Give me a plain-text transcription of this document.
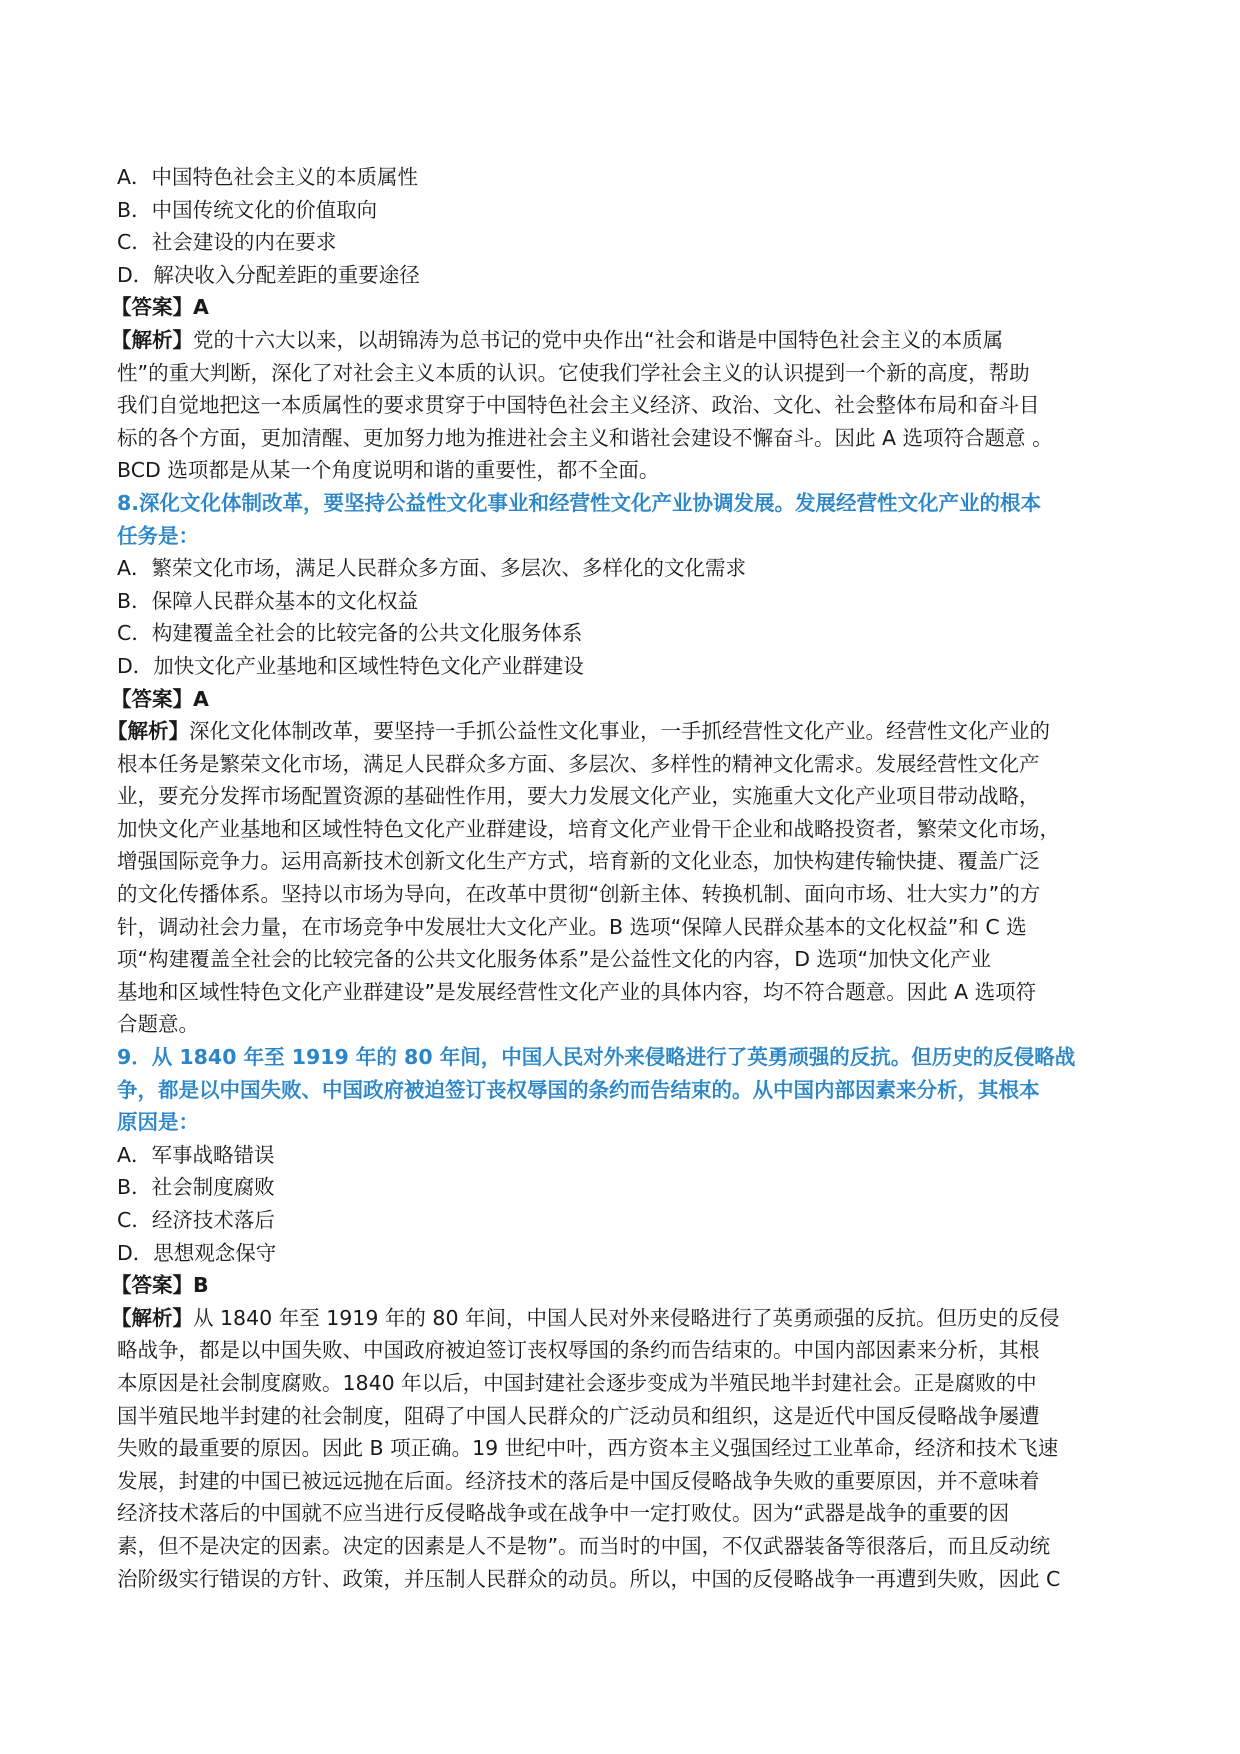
A．中国特色社会主义的本质属性
B．中国传统文化的价值取向
C．社会建设的内在要求
D．解决收入分配差距的重要途径
【答案】A
【解析】党的十六大以来，以胡锦涛为总书记的党中央作出“社会和谐是中国特色社会主义的本质属
性”的重大判断，深化了对社会主义本质的认识。它使我们学社会主义的认识提到一个新的高度，帮助
我们自觉地把这一本质属性的要求贯穿于中国特色社会主义经济、政治、文化、社会整体布局和奋斗目
标的各个方面，更加清醒、更加努力地为推进社会主义和谐社会建设不懈奋斗。因此 A 选项符合题意 。
BCD 选项都是从某一个角度说明和谐的重要性，都不全面。
8.深化文化体制改革，要坚持公益性文化事业和经营性文化产业协调发展。发展经营性文化产业的根本
任务是：
A．繁荣文化市场，满足人民群众多方面、多层次、多样化的文化需求
B．保障人民群众基本的文化权益
C．构建覆盖全社会的比较完备的公共文化服务体系
D．加快文化产业基地和区域性特色文化产业群建设
【答案】A
【解析】深化文化体制改革，要坚持一手抓公益性文化事业，一手抓经营性文化产业。经营性文化产业的
根本任务是繁荣文化市场，满足人民群众多方面、多层次、多样性的精神文化需求。发展经营性文化产
业，要充分发挥市场配置资源的基础性作用，要大力发展文化产业，实施重大文化产业项目带动战略，
加快文化产业基地和区域性特色文化产业群建设，培育文化产业骨干企业和战略投资者，繁荣文化市场，
增强国际竞争力。运用高新技术创新文化生产方式，培育新的文化业态，加快构建传输快捷、覆盖广泛
的文化传播体系。坚持以市场为导向，在改革中贯彻“创新主体、转换机制、面向市场、壮大实力”的方
针，调动社会力量，在市场竞争中发展壮大文化产业。B 选项“保障人民群众基本的文化权益”和 C 选
项“构建覆盖全社会的比较完备的公共文化服务体系”是公益性文化的内容，D 选项“加快文化产业
基地和区域性特色文化产业群建设”是发展经营性文化产业的具体内容，均不符合题意。因此 A 选项符
合题意。
9．从 1840 年至 1919 年的 80 年间，中国人民对外来侵略进行了英勇顽强的反抗。但历史的反侵略战
争，都是以中国失败、中国政府被迫签订丧权辱国的条约而告结束的。从中国内部因素来分析，其根本
原因是：
A．军事战略错误
B．社会制度腐败
C．经济技术落后
D．思想观念保守
【答案】B
【解析】从 1840 年至 1919 年的 80 年间，中国人民对外来侵略进行了英勇顽强的反抗。但历史的反侵
略战争，都是以中国失败、中国政府被迫签订丧权辱国的条约而告结束的。中国内部因素来分析，其根
本原因是社会制度腐败。1840 年以后，中国封建社会逐步变成为半殖民地半封建社会。正是腐败的中
国半殖民地半封建的社会制度，阻碍了中国人民群众的广泛动员和组织，这是近代中国反侵略战争屡遭
失败的最重要的原因。因此 B 项正确。19 世纪中叶，西方资本主义强国经过工业革命，经济和技术飞速
发展，封建的中国已被远远抛在后面。经济技术的落后是中国反侵略战争失败的重要原因，并不意味着
经济技术落后的中国就不应当进行反侵略战争或在战争中一定打败仗。因为“武器是战争的重要的因
素，但不是决定的因素。决定的因素是人不是物”。而当时的中国，不仅武器装备等很落后，而且反动统
治阶级实行错误的方针、政策，并压制人民群众的动员。所以，中国的反侵略战争一再遭到失败，因此 C
